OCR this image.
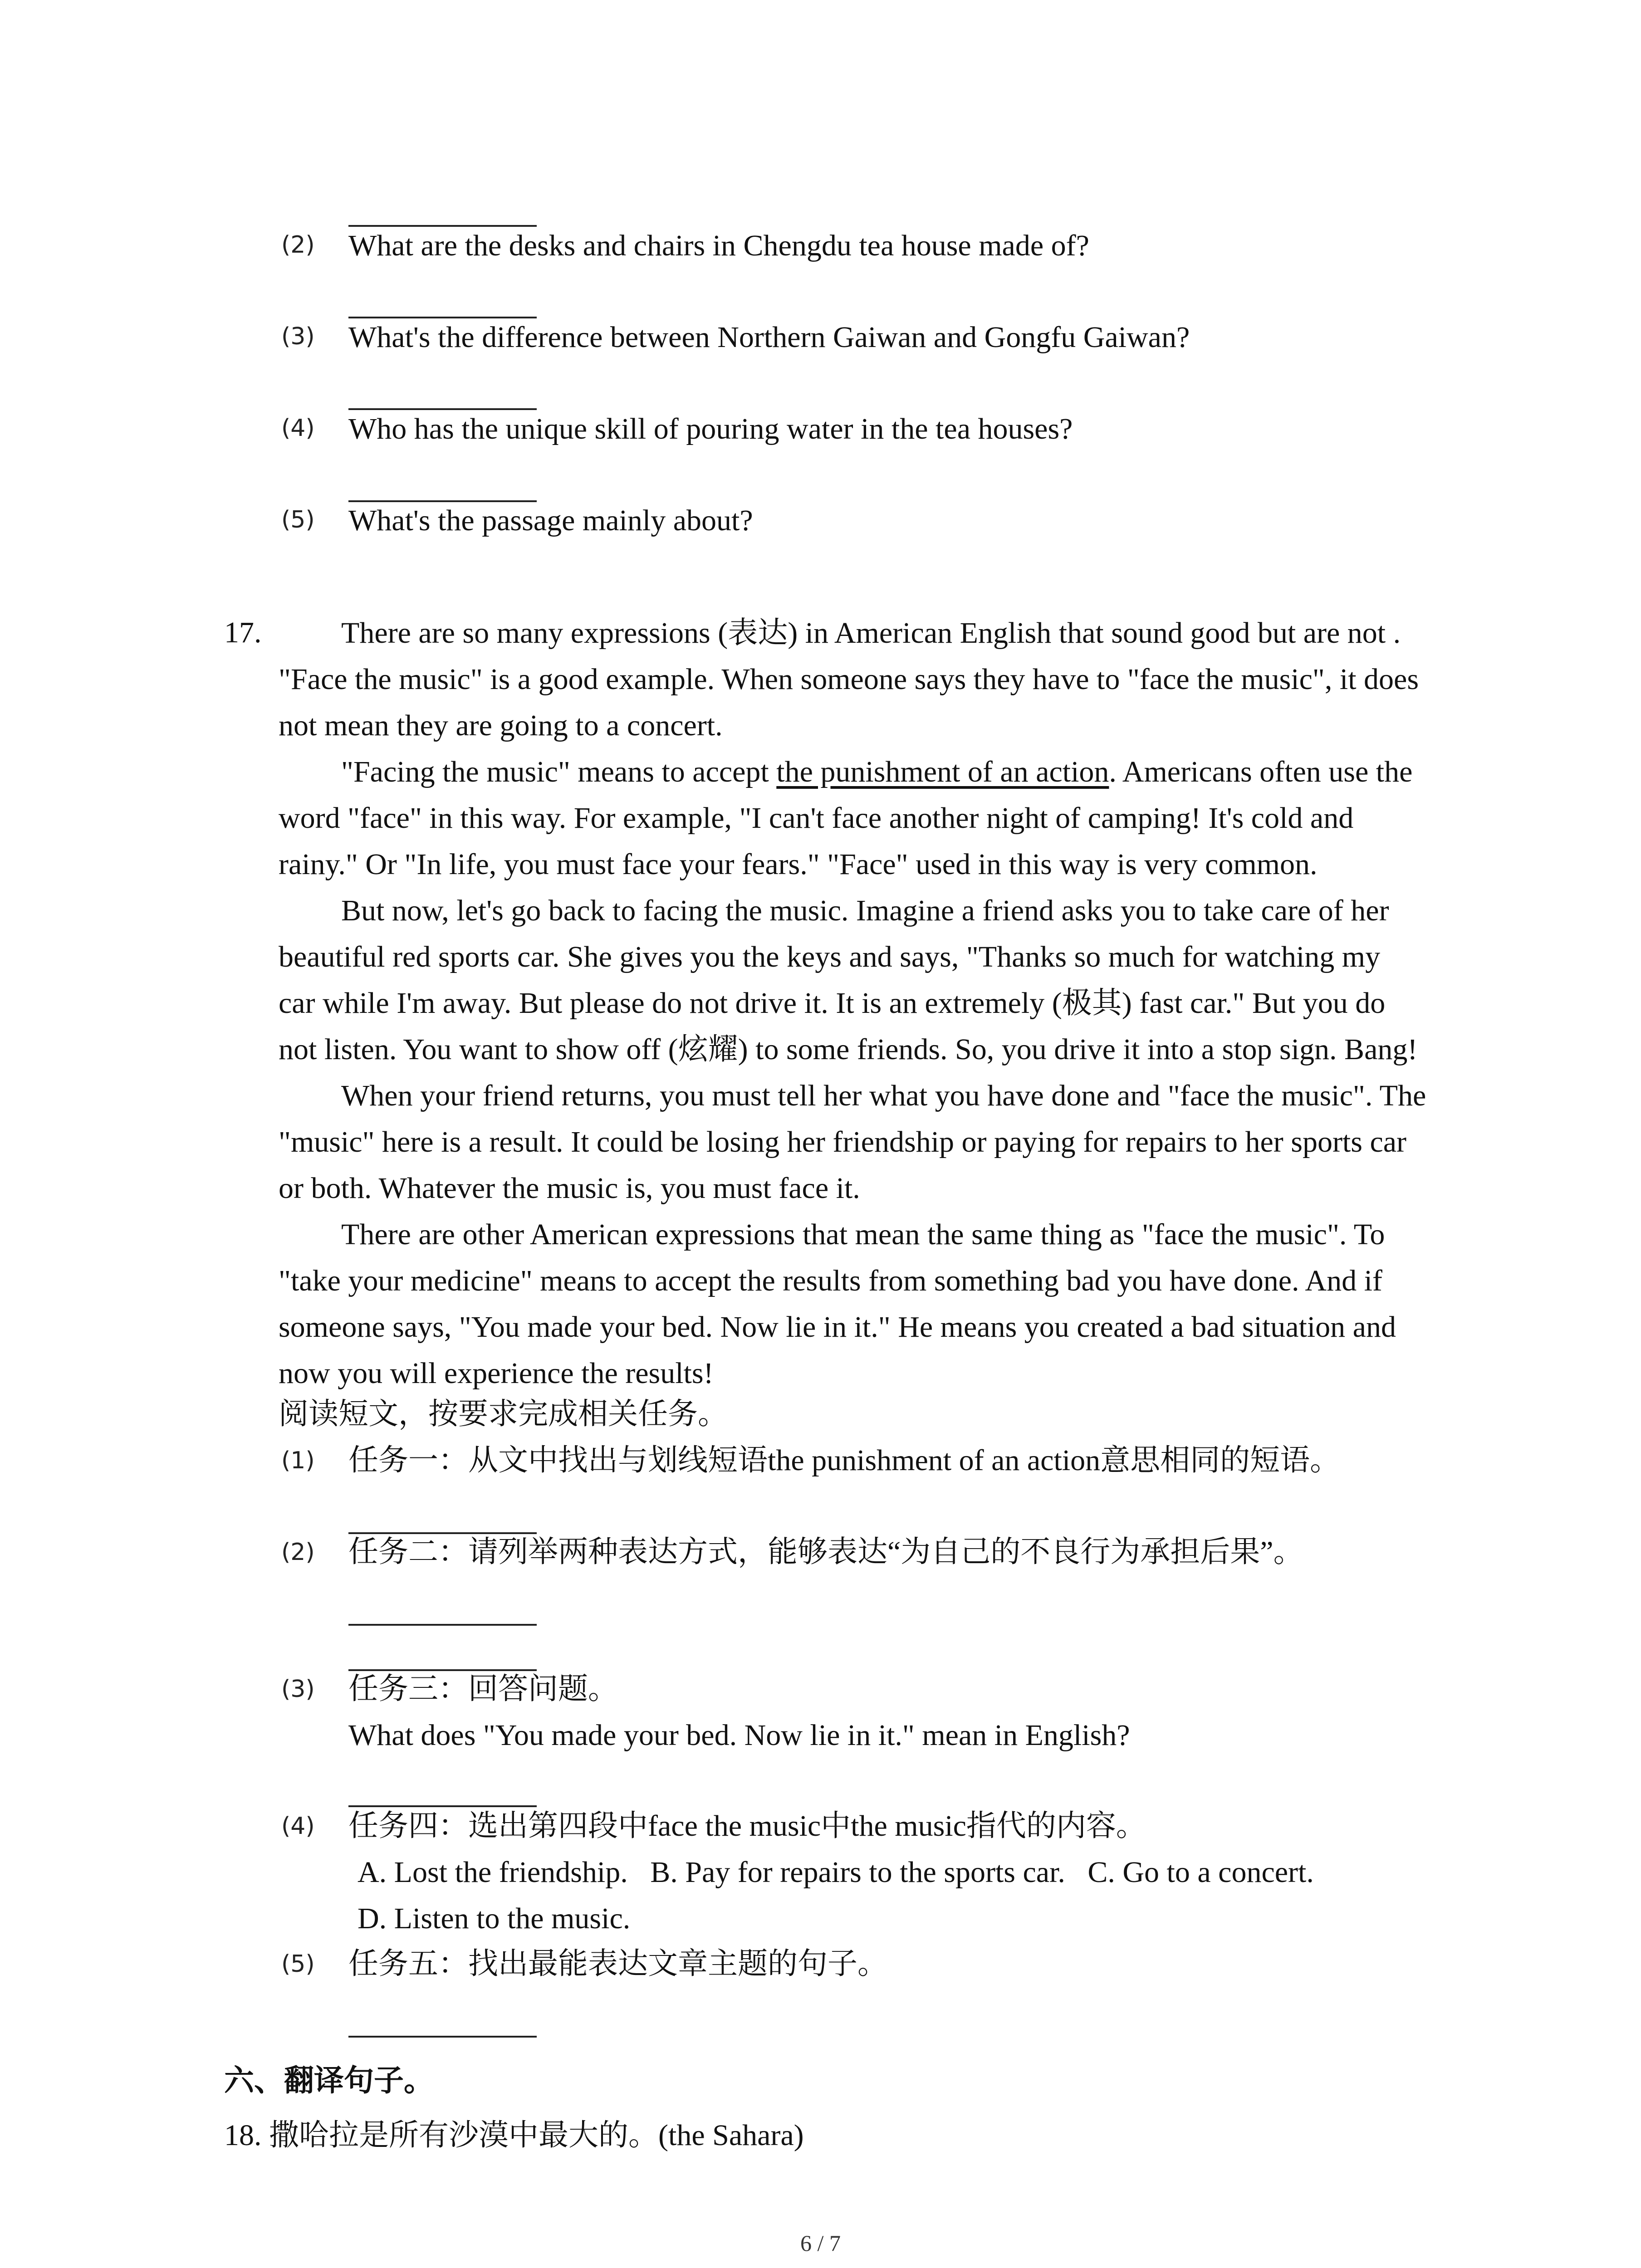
(2) What are the desks and chairs in Chengdu tea house made of?
(3) What's the difference between Northern Gaiwan and Gongfu Gaiwan?
(4) Who has the unique skill of pouring water in the tea houses?
(5) What's the passage mainly about?
17.	There are so many expressions (表达) in American English that sound good but are not .
"Face the music" is a good example. When someone says they have to "face the music", it does
not mean they are going to a concert.
"Facing the music" means to accept the punishment of an action. Americans often use the
word "face" in this way. For example, "I can't face another night of camping! It's cold and
rainy." Or "In life, you must face your fears." "Face" used in this way is very common.
But now, let's go back to facing the music. Imagine a friend asks you to take care of her
beautiful red sports car. She gives you the keys and says, "Thanks so much for watching my
car while I'm away. But please do not drive it. It is an extremely (极其) fast car." But you do
not listen. You want to show off (炫耀) to some friends. So, you drive it into a stop sign. Bang!
When your friend returns, you must tell her what you have done and "face the music". The
"music" here is a result. It could be losing her friendship or paying for repairs to her sports car
or both. Whatever the music is, you must face it.
There are other American expressions that mean the same thing as "face the music". To
"take your medicine" means to accept the results from something bad you have done. And if
someone says, "You made your bed. Now lie in it." He means you created a bad situation and
now you will experience the results!
阅读短文，按要求完成相关任务。
(1) 任务一：从文中找出与划线短语the punishment of an action意思相同的短语。
(2) 任务二：请列举两种表达方式，能够表达“为自己的不良行为承担后果”。
(3) 任务三：回答问题。
What does "You made your bed. Now lie in it." mean in English?
(4) 任务四：选出第四段中face the music中the music指代的内容。
A. Lost the friendship.   B. Pay for repairs to the sports car.   C. Go to a concert.
D. Listen to the music.
(5) 任务五：找出最能表达文章主题的句子。
六、翻译句子。
18. 撒哈拉是所有沙漠中最大的。(the Sahara)
6 / 7
